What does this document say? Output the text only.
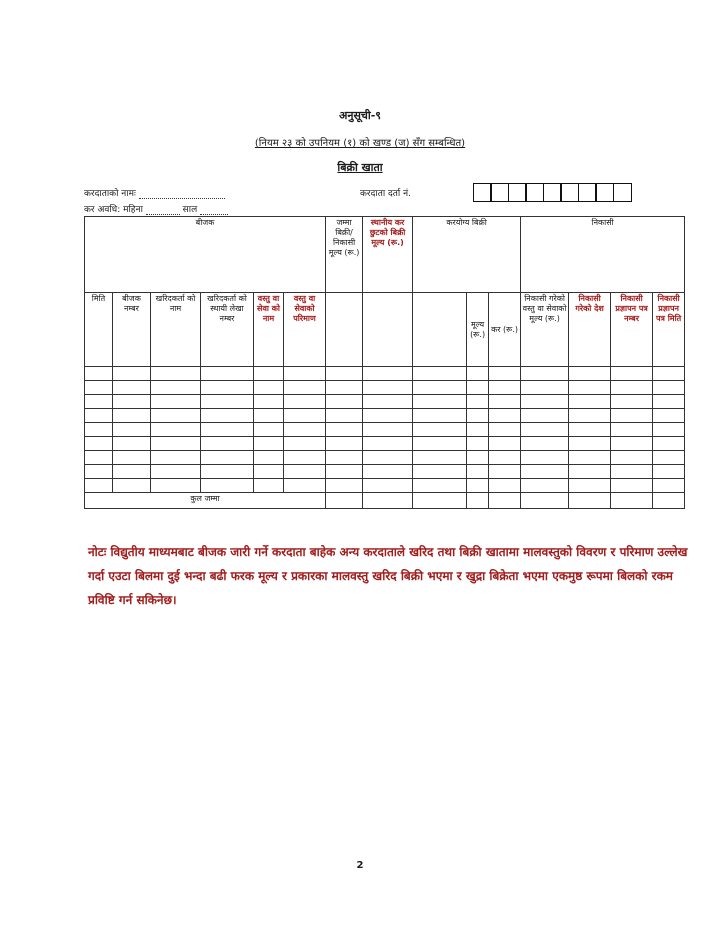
अनुसूची-९
(नियम २३ को उपनियम (१) को खण्ड (ज) सँग सम्बन्धित)
बिक्री खाता
करदाताको नामः
कर अवधि: महिना	साल
करदाता दर्ता नं.
बीजक						जम्मा बिक्री/निकासी मूल्य (रू.)	स्थानीय कर छुटको बिक्री मूल्य (रू.)	करयोग्य बिक्री			निकासी			
मिति	बीजक नम्बर	खरिदकर्ता को नाम	खरिदकर्ता को स्थायी लेखा नम्बर	वस्तु वा सेवा को नाम	वस्तु वा सेवाको परिमाण				मूल्य (रू.)	कर (रू.)	निकासी गरेको वस्तु वा सेवाको मूल्य (रू.)	निकासी गरेको देश	निकासी प्रज्ञापन पत्र नम्बर	निकासी प्रज्ञापन पत्र मिति

कुल जम्मा														
नोटः विद्युतीय माध्यमबाट बीजक जारी गर्ने करदाता बाहेक अन्य करदाताले खरिद तथा बिक्री खातामा मालवस्तुको विवरण र परिमाण उल्लेख गर्दा एउटा बिलमा दुई भन्दा बढी फरक मूल्य र प्रकारका मालवस्तु खरिद बिक्री भएमा र खुद्रा बिक्रेता भएमा एकमुष्ठ रूपमा बिलको रकम प्रविष्टि गर्न सकिनेछ।
2
